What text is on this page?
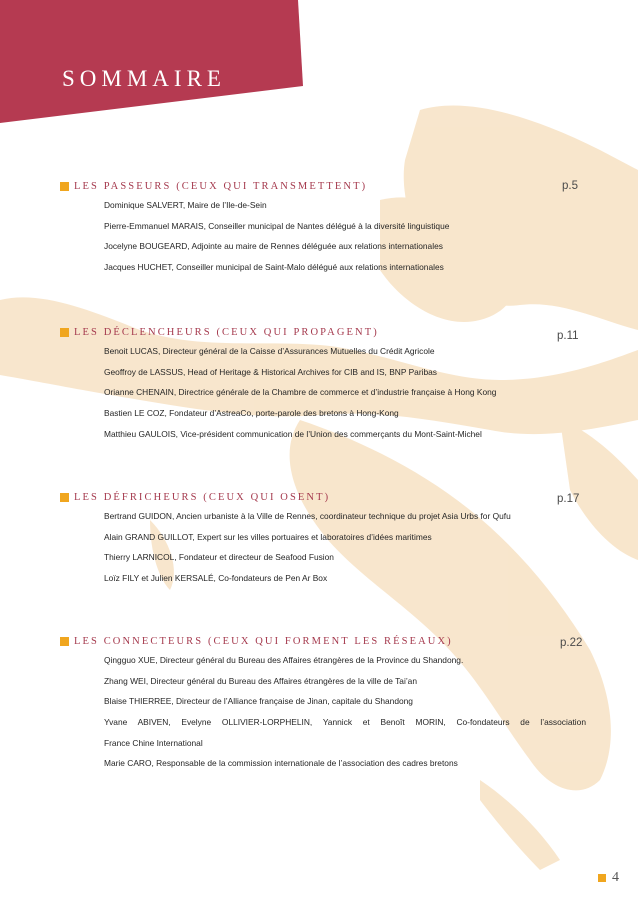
SOMMAIRE
LES PASSEURS (CEUX QUI TRANSMETTENT)	p.5
Dominique SALVERT, Maire de l’Ile-de-Sein
Pierre-Emmanuel MARAIS, Conseiller municipal de Nantes délégué à la diversité linguistique
Jocelyne BOUGEARD, Adjointe au maire de Rennes déléguée aux relations internationales
Jacques HUCHET, Conseiller municipal de Saint-Malo délégué aux relations internationales
LES DÉCLENCHEURS (CEUX QUI PROPAGENT)	p.11
Benoit LUCAS, Directeur général de la Caisse d’Assurances Mutuelles du Crédit Agricole
Geoffroy de LASSUS, Head of Heritage & Historical Archives for CIB and IS, BNP Paribas
Orianne CHENAIN, Directrice générale de la Chambre de commerce et d’industrie française à Hong Kong
Bastien LE COZ, Fondateur d’AstreaCo, porte-parole des bretons à Hong-Kong
Matthieu GAULOIS, Vice-président communication de l’Union des commerçants du Mont-Saint-Michel
LES DÉFRICHEURS (CEUX QUI OSENT)	p.17
Bertrand GUIDON, Ancien urbaniste à la Ville de Rennes, coordinateur technique du projet Asia Urbs for Qufu
Alain GRAND GUILLOT, Expert sur les villes portuaires et laboratoires d’idées maritimes
Thierry LARNICOL, Fondateur et directeur de Seafood Fusion
Loïz FILY et Julien KERSALÉ, Co-fondateurs de Pen Ar Box
LES CONNECTEURS (CEUX QUI FORMENT LES RÉSEAUX)	p.22
Qingguo XUE, Directeur général du Bureau des Affaires étrangères de la Province du Shandong.
Zhang WEI, Directeur général du Bureau des Affaires étrangères de la ville de Tai’an
Blaise THIERREE, Directeur de l’Alliance française de Jinan, capitale du Shandong
Yvane ABIVEN, Evelyne OLLIVIER-LORPHELIN, Yannick et Benoît MORIN, Co-fondateurs de l’association
France Chine International
Marie CARO, Responsable de la commission internationale de l’association des cadres bretons
4
